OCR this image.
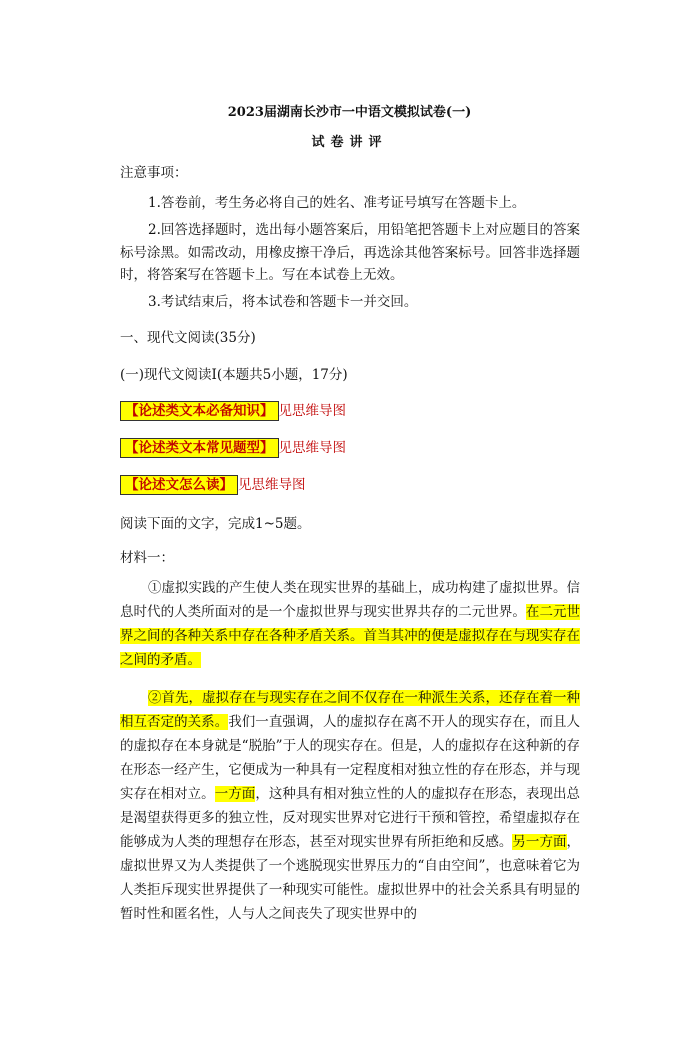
2023届湖南长沙市一中语文模拟试卷(一)
试卷讲评
注意事项：
1.答卷前，考生务必将自己的姓名、准考证号填写在答题卡上。
2.回答选择题时，选出每小题答案后，用铅笔把答题卡上对应题目的答案标号涂黑。如需改动，用橡皮擦干净后，再选涂其他答案标号。回答非选择题时，将答案写在答题卡上。写在本试卷上无效。
3.考试结束后，将本试卷和答题卡一并交回。
一、现代文阅读(35分)
(一)现代文阅读I(本题共5小题，17分)
【论述类文本必备知识】 见思维导图
【论述类文本常见题型】 见思维导图
【论述文怎么读】 见思维导图
阅读下面的文字，完成1~5题。
材料一：
①虚拟实践的产生使人类在现实世界的基础上，成功构建了虚拟世界。信息时代的人类所面对的是一个虚拟世界与现实世界共存的二元世界。在二元世界之间的各种关系中存在各种矛盾关系。首当其冲的便是虚拟存在与现实存在之间的矛盾。
②首先，虚拟存在与现实存在之间不仅存在一种派生关系，还存在着一种相互否定的关系。我们一直强调，人的虚拟存在离不开人的现实存在，而且人的虚拟存在本身就是“脱胎”于人的现实存在。但是，人的虚拟存在这种新的存在形态一经产生，它便成为一种具有一定程度相对独立性的存在形态，并与现实存在相对立。一方面，这种具有相对独立性的人的虚拟存在形态，表现出总是渴望获得更多的独立性，反对现实世界对它进行干预和管控，希望虚拟存在能够成为人类的理想存在形态，甚至对现实世界有所拒绝和反感。另一方面，虚拟世界又为人类提供了一个逃脱现实世界压力的“自由空间”，也意味着它为人类拒斥现实世界提供了一种现实可能性。虚拟世界中的社会关系具有明显的暂时性和匿名性，人与人之间丧失了现实世界中的
